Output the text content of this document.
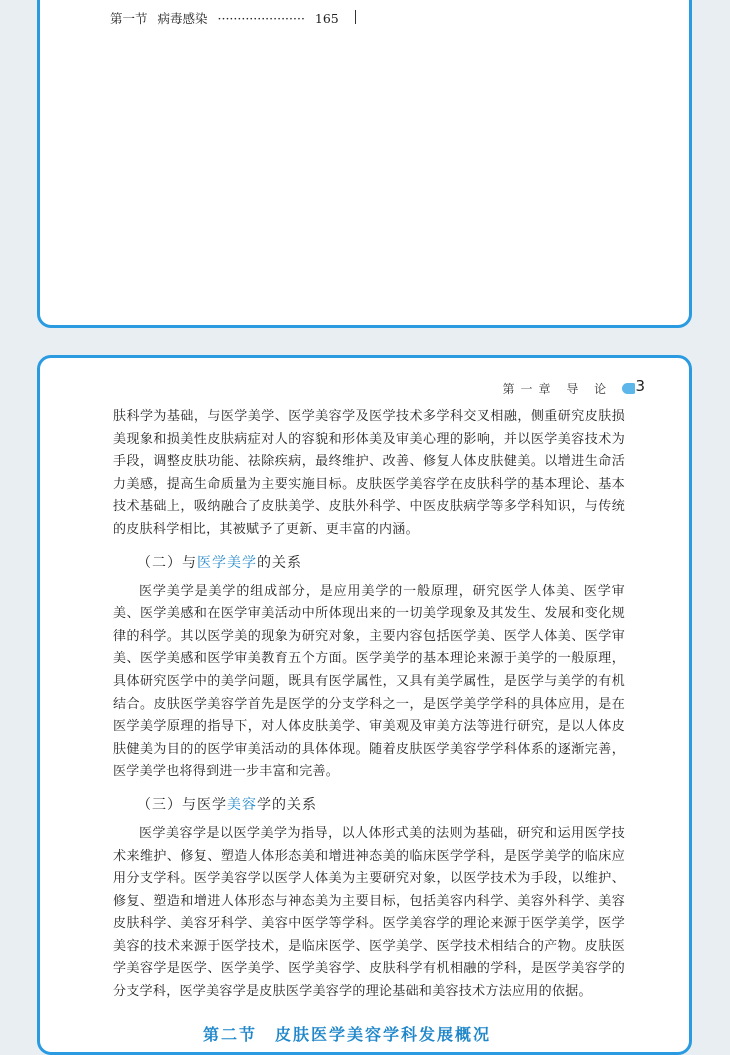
第一节 病毒感染 ······················ 165
第一章 导 论	3

肤科学为基础，与医学美学、医学美容学及医学技术多学科交叉相融，侧重研究皮肤损美现象和损美性皮肤病症对人的容貌和形体美及审美心理的影响，并以医学美容技术为手段，调整皮肤功能、祛除疾病，最终维护、改善、修复人体皮肤健美。以增进生命活力美感，提高生命质量为主要实施目标。皮肤医学美容学在皮肤科学的基本理论、基本技术基础上，吸纳融合了皮肤美学、皮肤外科学、中医皮肤病学等多学科知识，与传统的皮肤科学相比，其被赋予了更新、更丰富的内涵。

（二）与医学美学的关系

医学美学是美学的组成部分，是应用美学的一般原理，研究医学人体美、医学审美、医学美感和在医学审美活动中所体现出来的一切美学现象及其发生、发展和变化规律的科学。其以医学美的现象为研究对象，主要内容包括医学美、医学人体美、医学审美、医学美感和医学审美教育五个方面。医学美学的基本理论来源于美学的一般原理，具体研究医学中的美学问题，既具有医学属性，又具有美学属性，是医学与美学的有机结合。皮肤医学美容学首先是医学的分支学科之一，是医学美学学科的具体应用，是在医学美学原理的指导下，对人体皮肤美学、审美观及审美方法等进行研究，是以人体皮肤健美为目的的医学审美活动的具体体现。随着皮肤医学美容学学科体系的逐渐完善，医学美学也将得到进一步丰富和完善。

（三）与医学美容学的关系

医学美容学是以医学美学为指导，以人体形式美的法则为基础，研究和运用医学技术来维护、修复、塑造人体形态美和增进神态美的临床医学学科，是医学美学的临床应用分支学科。医学美容学以医学人体美为主要研究对象，以医学技术为手段，以维护、修复、塑造和增进人体形态与神态美为主要目标，包括美容内科学、美容外科学、美容皮肤科学、美容牙科学、美容中医学等学科。医学美容学的理论来源于医学美学，医学美容的技术来源于医学技术，是临床医学、医学美学、医学技术相结合的产物。皮肤医学美容学是医学、医学美学、医学美容学、皮肤科学有机相融的学科，是医学美容学的分支学科，医学美容学是皮肤医学美容学的理论基础和美容技术方法应用的依据。

第二节　皮肤医学美容学科发展概况
